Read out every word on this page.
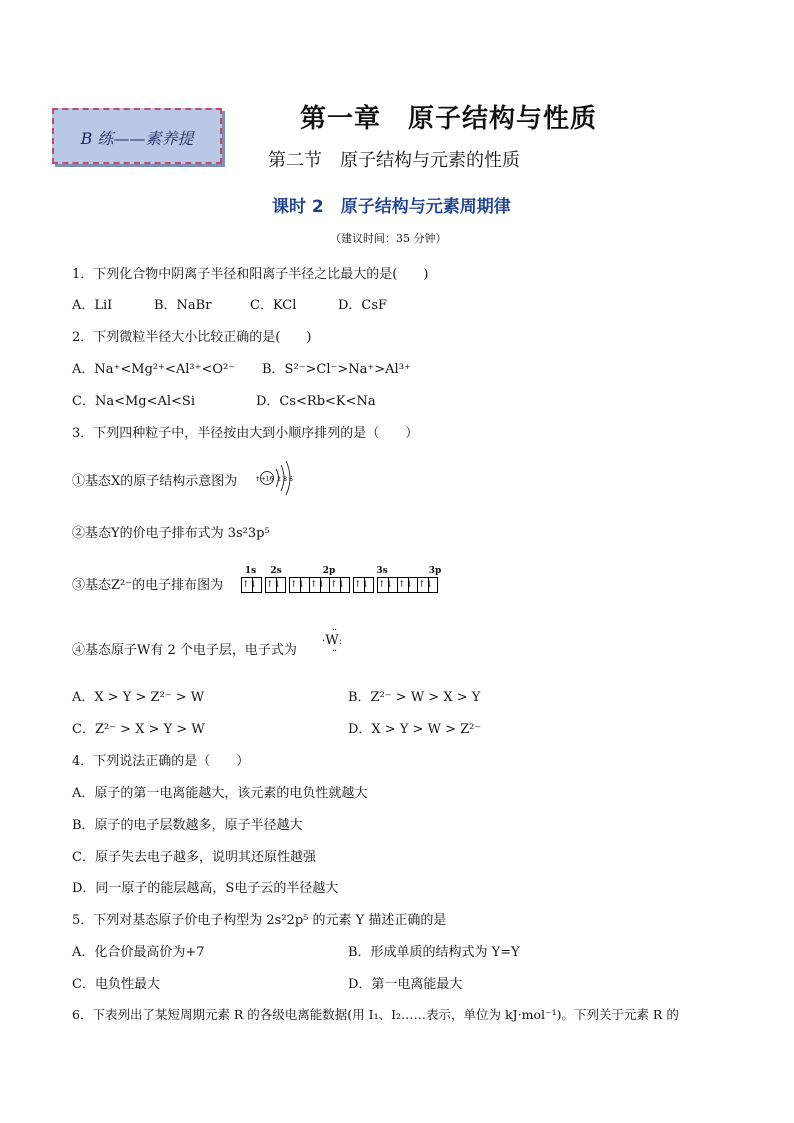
B 练——素养提
第一章　原子结构与性质
第二节　原子结构与元素的性质
课时 2　原子结构与元素周期律
（建议时间：35 分钟）
1．下列化合物中阴离子半径和阳离子半径之比最大的是(　　)
A．LiI	B．NaBr	C．KCl	D．CsF
2．下列微粒半径大小比较正确的是(　　)
A．Na⁺<Mg²⁺<Al³⁺<O²⁻ B．S²⁻>Cl⁻>Na⁺>Al³⁺
C．Na<Mg<Al<Si	D．Cs<Rb<K<Na
3．下列四种粒子中，半径按由大到小顺序排列的是（　　）
①基态X的原子结构示意图为	↑ +16 2 8 6
②基态Y的价电子排布式为 3s²3p⁵
③基态Z²⁻的电子排布图为
1s	2s	2p	3s	3p
↑↓ ↑↓ ↑↓ ↑↓ ↑↓ ↑↓ ↑↓ ↑↓ ↑↓
④基态原子W有 2 个电子层，电子式为
··
·W:
··
A．X > Y > Z²⁻ > W	B．Z²⁻ > W > X > Y
C．Z²⁻ > X > Y > W	D．X > Y > W > Z²⁻
4．下列说法正确的是（　　）
A．原子的第一电离能越大，该元素的电负性就越大
B．原子的电子层数越多，原子半径越大
C．原子失去电子越多，说明其还原性越强
D．同一原子的能层越高，S电子云的半径越大
5．下列对基态原子价电子构型为 2s²2p⁵ 的元素 Y 描述正确的是
A．化合价最高价为+7	B．形成单质的结构式为 Y=Y
C．电负性最大	D．第一电离能最大
6．下表列出了某短周期元素 R 的各级电离能数据(用 I₁、I₂……表示，单位为 kJ·mol⁻¹)。下列关于元素 R 的
